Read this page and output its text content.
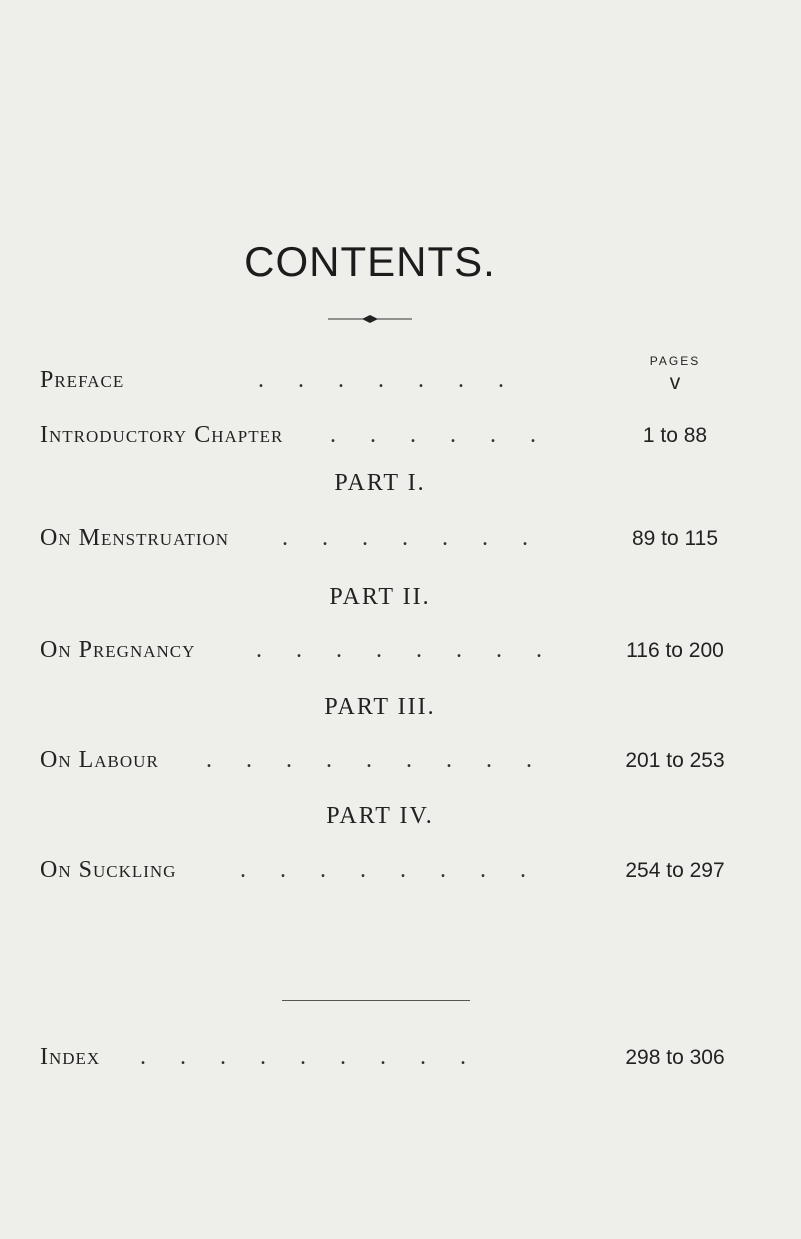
CONTENTS.
PAGES
Preface	. . . . . . .	v
Introductory Chapter . . . . . .	1 to 88
PART I.
On Menstruation . . . . . . .	89 to 115
PART II.
On Pregnancy	. . . . . . . .	116 to 200
PART III.
On Labour . . . . . . . . .	201 to 253
PART IV.
On Suckling	. . . . . . . .	254 to 297
Index . . . . . . . . .	298 to 306
